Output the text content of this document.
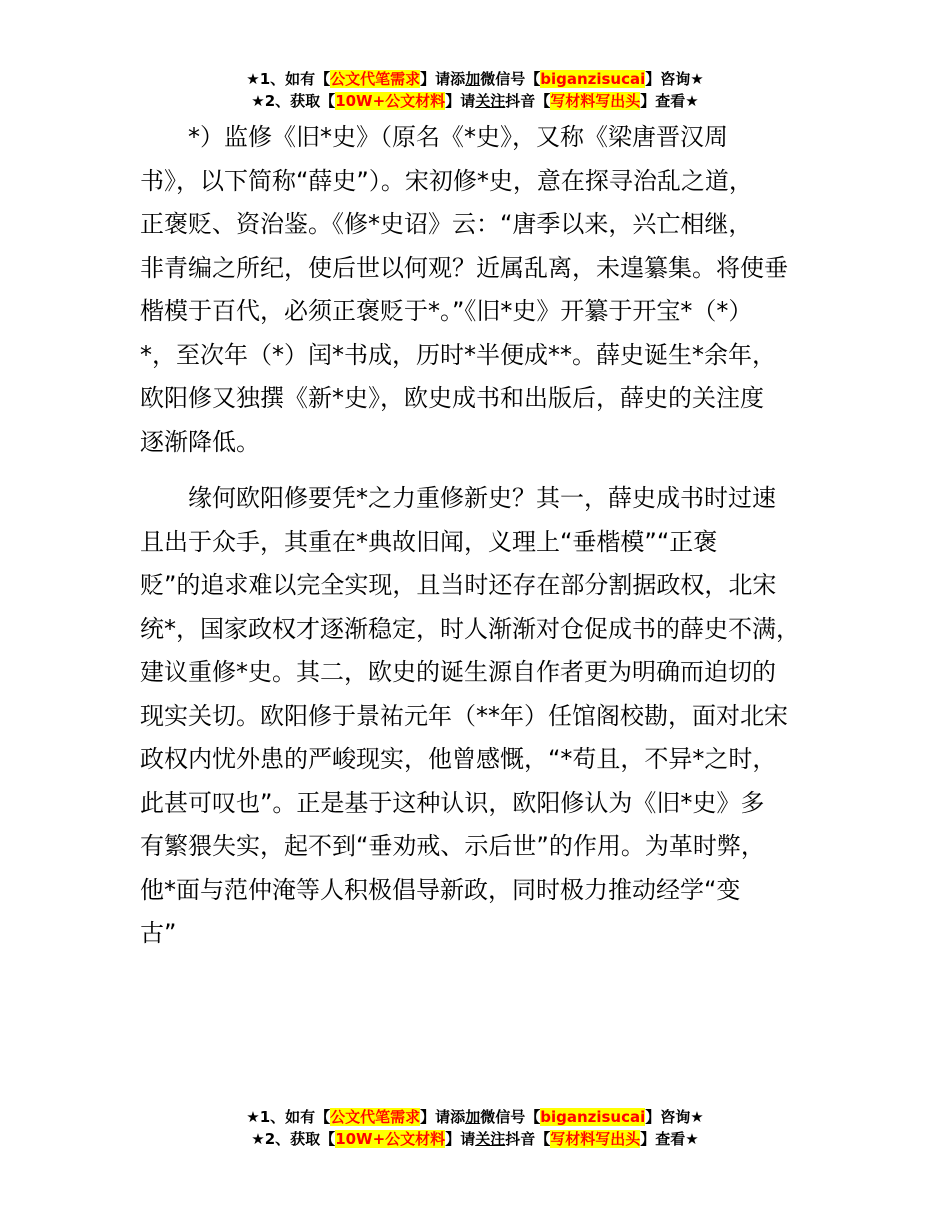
★1、如有【公文代笔需求】请添加微信号【biganzisucai】咨询★
★2、获取【10W+公文材料】请关注抖音【写材料写出头】查看★
*）监修《旧*史》（原名《*史》，又称《梁唐晋汉周
书》，以下简称“薛史”）。宋初修*史，意在探寻治乱之道，
正褒贬、资治鉴。《修*史诏》云：“唐季以来，兴亡相继，
非青编之所纪，使后世以何观？近属乱离，未遑纂集。将使垂
楷模于百代，必须正褒贬于*。”《旧*史》开纂于开宝*（*）
*，至次年（*）闰*书成，历时*半便成**。薛史诞生*余年，
欧阳修又独撰《新*史》，欧史成书和出版后，薛史的关注度
逐渐降低。
缘何欧阳修要凭*之力重修新史？其一，薛史成书时过速
且出于众手，其重在*典故旧闻，义理上“垂楷模”“正褒
贬”的追求难以完全实现，且当时还存在部分割据政权，北宋
统*，国家政权才逐渐稳定，时人渐渐对仓促成书的薛史不满，
建议重修*史。其二，欧史的诞生源自作者更为明确而迫切的
现实关切。欧阳修于景祐元年（**年）任馆阁校勘，面对北宋
政权内忧外患的严峻现实，他曾感慨，“*苟且，不异*之时，
此甚可叹也”。正是基于这种认识，欧阳修认为《旧*史》多
有繁猥失实，起不到“垂劝戒、示后世”的作用。为革时弊，
他*面与范仲淹等人积极倡导新政，同时极力推动经学“变
古”
★1、如有【公文代笔需求】请添加微信号【biganzisucai】咨询★
★2、获取【10W+公文材料】请关注抖音【写材料写出头】查看★
